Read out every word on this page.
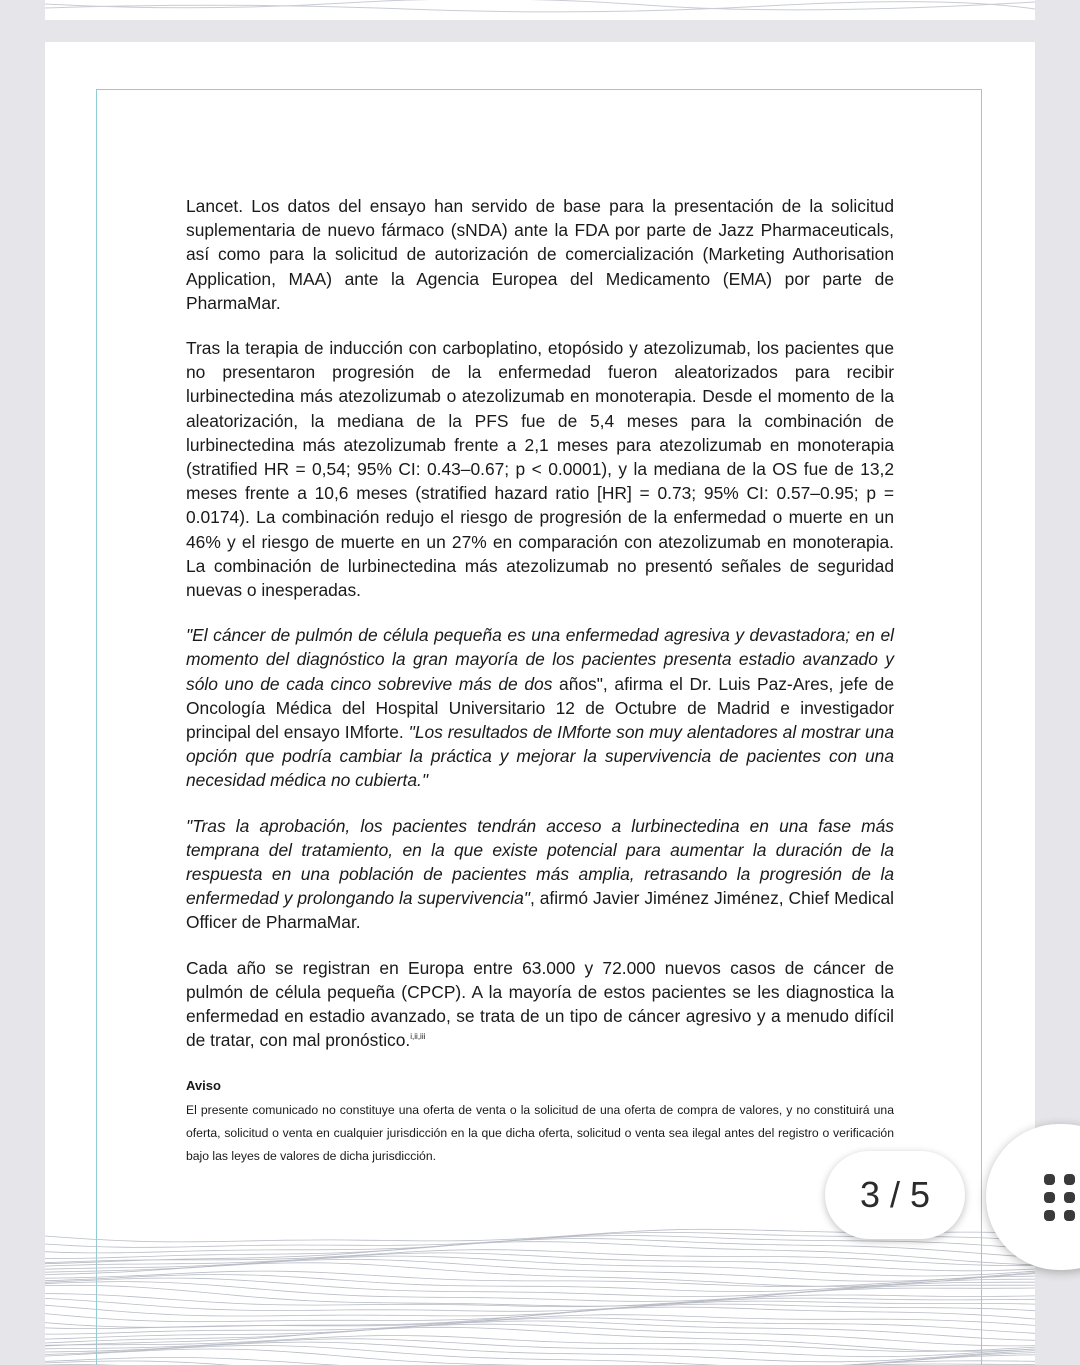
Lancet. Los datos del ensayo han servido de base para la presentación de la solicitud suplementaria de nuevo fármaco (sNDA) ante la FDA por parte de Jazz Pharmaceuticals, así como para la solicitud de autorización de comercialización (Marketing Authorisation Application, MAA) ante la Agencia Europea del Medicamento (EMA) por parte de PharmaMar.

Tras la terapia de inducción con carboplatino, etopósido y atezolizumab, los pacientes que no presentaron progresión de la enfermedad fueron aleatorizados para recibir lurbinectedina más atezolizumab o atezolizumab en monoterapia. Desde el momento de la aleatorización, la mediana de la PFS fue de 5,4 meses para la combinación de lurbinectedina más atezolizumab frente a 2,1 meses para atezolizumab en monoterapia (stratified HR = 0,54; 95% CI: 0.43–0.67; p < 0.0001), y la mediana de la OS fue de 13,2 meses frente a 10,6 meses (stratified hazard ratio [HR] = 0.73; 95% CI: 0.57–0.95; p = 0.0174). La combinación redujo el riesgo de progresión de la enfermedad o muerte en un 46% y el riesgo de muerte en un 27% en comparación con atezolizumab en monoterapia. La combinación de lurbinectedina más atezolizumab no presentó señales de seguridad nuevas o inesperadas.

"El cáncer de pulmón de célula pequeña es una enfermedad agresiva y devastadora; en el momento del diagnóstico la gran mayoría de los pacientes presenta estadio avanzado y sólo uno de cada cinco sobrevive más de dos años", afirma el Dr. Luis Paz-Ares, jefe de Oncología Médica del Hospital Universitario 12 de Octubre de Madrid e investigador principal del ensayo IMforte. "Los resultados de IMforte son muy alentadores al mostrar una opción que podría cambiar la práctica y mejorar la supervivencia de pacientes con una necesidad médica no cubierta."

"Tras la aprobación, los pacientes tendrán acceso a lurbinectedina en una fase más temprana del tratamiento, en la que existe potencial para aumentar la duración de la respuesta en una población de pacientes más amplia, retrasando la progresión de la enfermedad y prolongando la supervivencia", afirmó Javier Jiménez Jiménez, Chief Medical Officer de PharmaMar.

Cada año se registran en Europa entre 63.000 y 72.000 nuevos casos de cáncer de pulmón de célula pequeña (CPCP). A la mayoría de estos pacientes se les diagnostica la enfermedad en estadio avanzado, se trata de un tipo de cáncer agresivo y a menudo difícil de tratar, con mal pronóstico.$^{i,ii,iii}$

Aviso

El presente comunicado no constituye una oferta de venta o la solicitud de una oferta de compra de valores, y no constituirá una oferta, solicitud o venta en cualquier jurisdicción en la que dicha oferta, solicitud o venta sea ilegal antes del registro o verificación bajo las leyes de valores de dicha jurisdicción.

3 / 5
